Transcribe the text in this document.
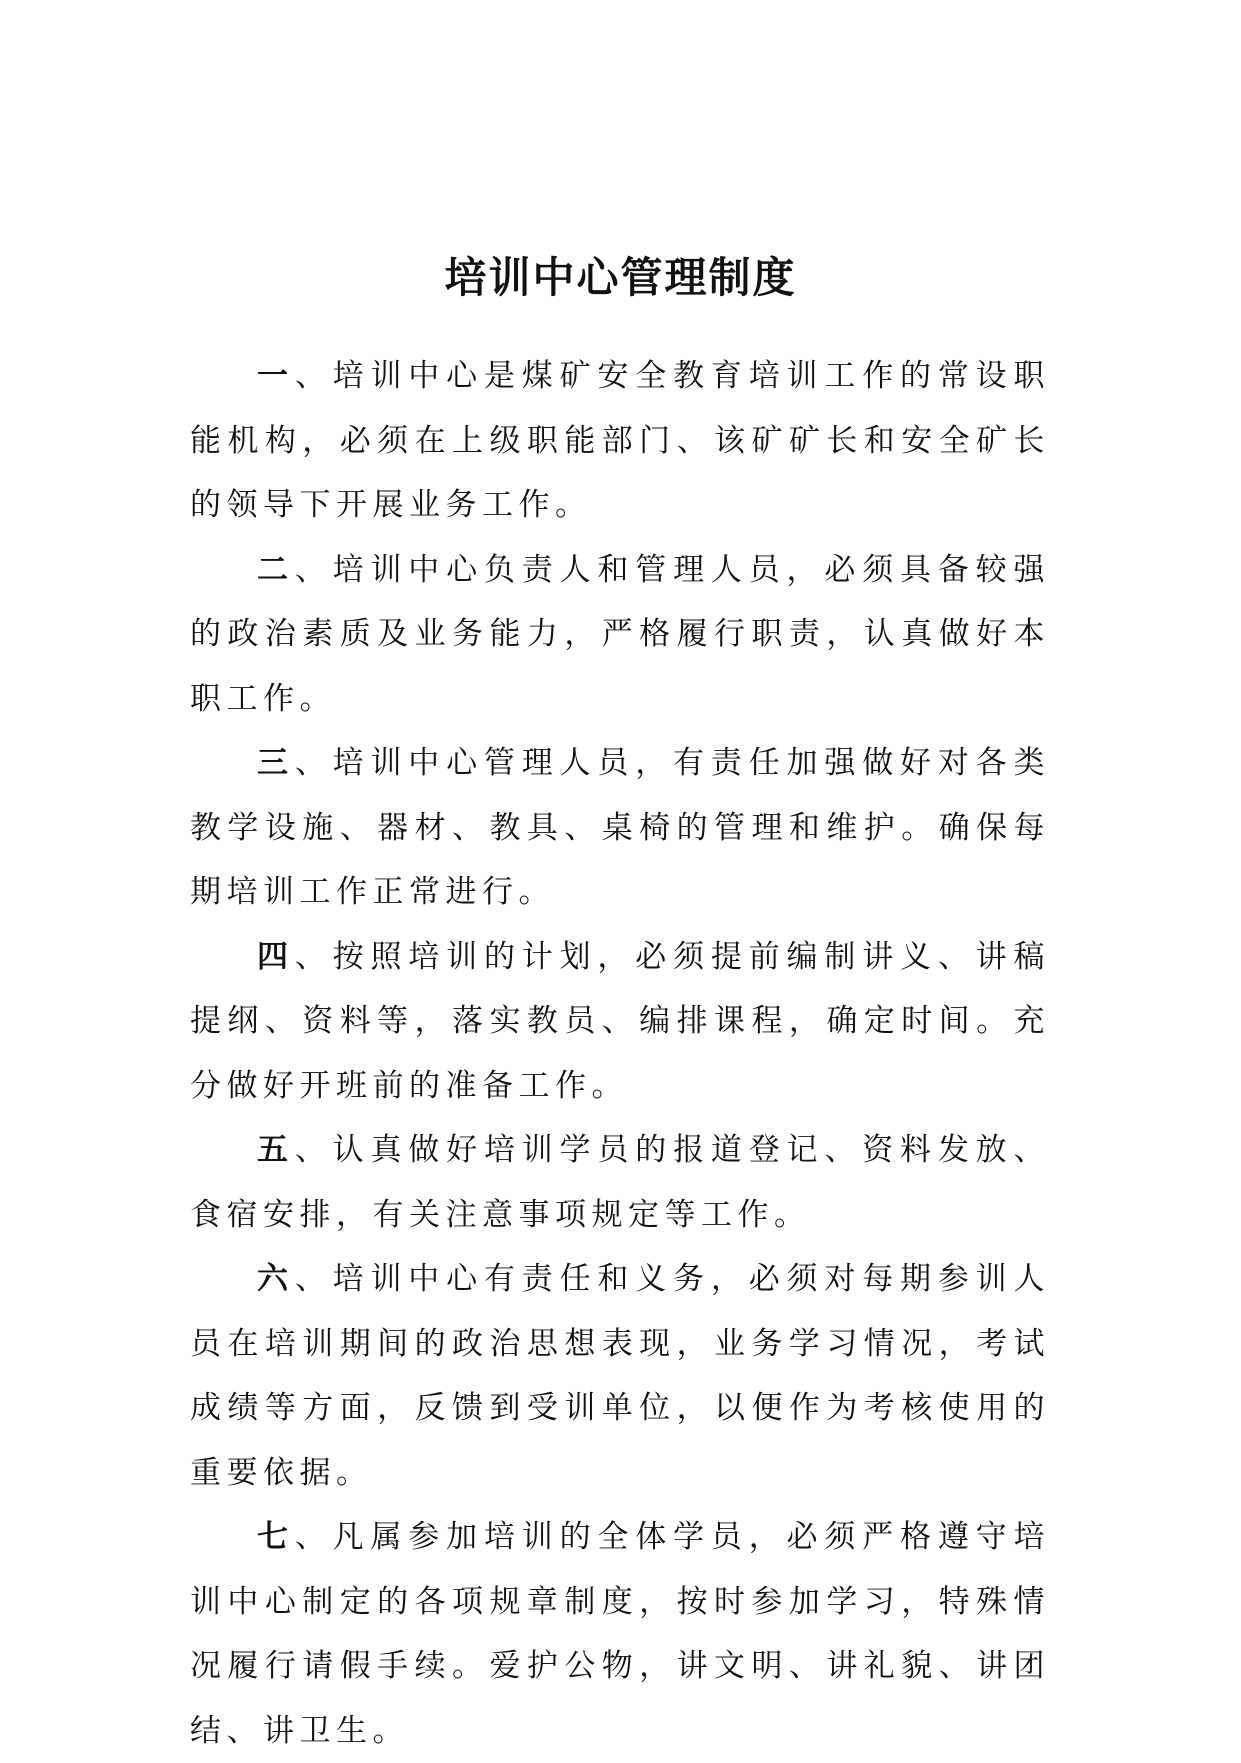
培训中心管理制度

一、培训中心是煤矿安全教育培训工作的常设职能机构，必须在上级职能部门、该矿矿长和安全矿长的领导下开展业务工作。

二、培训中心负责人和管理人员，必须具备较强的政治素质及业务能力，严格履行职责，认真做好本职工作。

三、培训中心管理人员，有责任加强做好对各类教学设施、器材、教具、桌椅的管理和维护。确保每期培训工作正常进行。

四、按照培训的计划，必须提前编制讲义、讲稿提纲、资料等，落实教员、编排课程，确定时间。充分做好开班前的准备工作。

五、认真做好培训学员的报道登记、资料发放、食宿安排，有关注意事项规定等工作。

六、培训中心有责任和义务，必须对每期参训人员在培训期间的政治思想表现，业务学习情况，考试成绩等方面，反馈到受训单位，以便作为考核使用的重要依据。

七、凡属参加培训的全体学员，必须严格遵守培训中心制定的各项规章制度，按时参加学习，特殊情况履行请假手续。爱护公物，讲文明、讲礼貌、讲团结、讲卫生。
